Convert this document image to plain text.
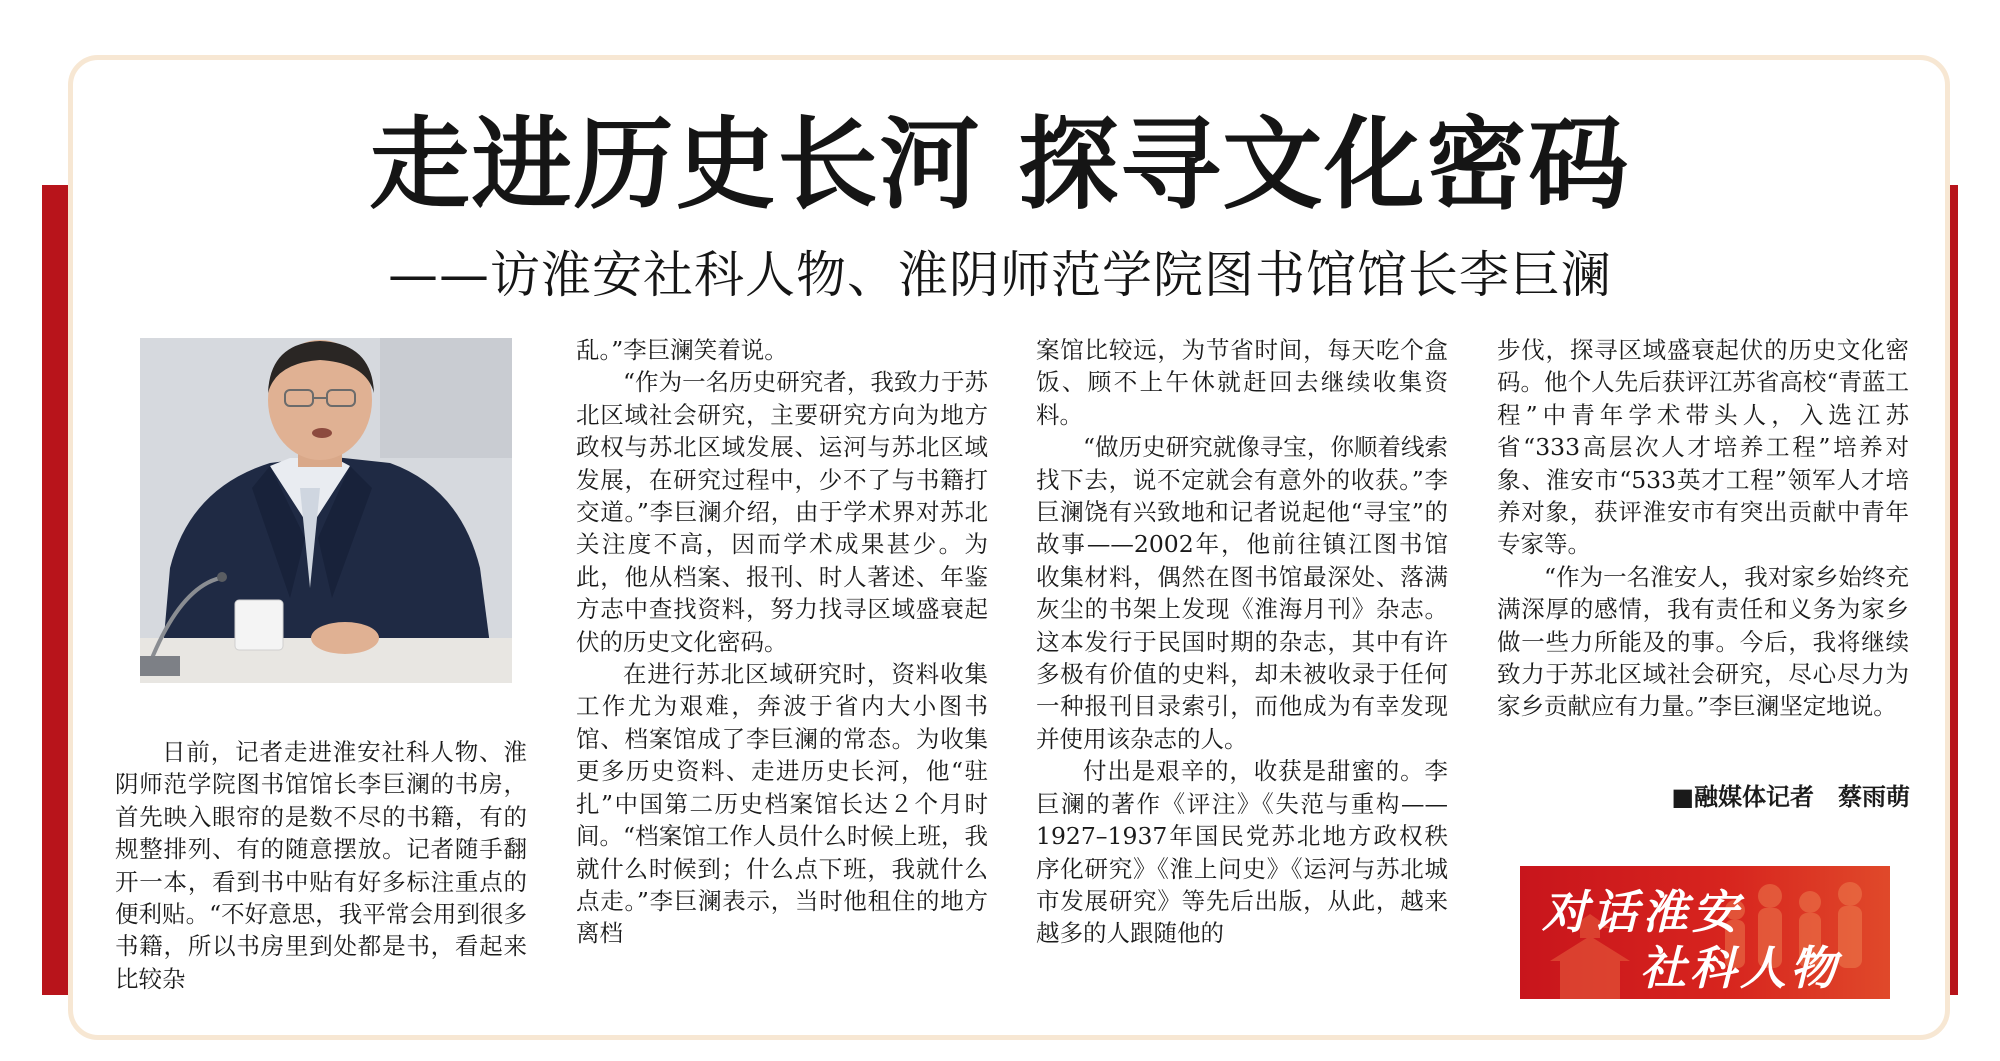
走进历史长河 探寻文化密码
——访淮安社科人物、淮阴师范学院图书馆馆长李巨澜

日前，记者走进淮安社科人物、淮阴师范学院图书馆馆长李巨澜的书房，首先映入眼帘的是数不尽的书籍，有的规整排列、有的随意摆放。记者随手翻开一本，看到书中贴有好多标注重点的便利贴。“不好意思，我平常会用到很多书籍，所以书房里到处都是书，看起来比较杂

乱。”李巨澜笑着说。

“作为一名历史研究者，我致力于苏北区域社会研究，主要研究方向为地方政权与苏北区域发展、运河与苏北区域发展，在研究过程中，少不了与书籍打交道。”李巨澜介绍，由于学术界对苏北关注度不高，因而学术成果甚少。为此，他从档案、报刊、时人著述、年鉴方志中查找资料，努力找寻区域盛衰起伏的历史文化密码。

在进行苏北区域研究时，资料收集工作尤为艰难，奔波于省内大小图书馆、档案馆成了李巨澜的常态。为收集更多历史资料、走进历史长河，他“驻扎”中国第二历史档案馆长达２个月时间。“档案馆工作人员什么时候上班，我就什么时候到；什么点下班，我就什么点走。”李巨澜表示，当时他租住的地方离档

案馆比较远，为节省时间，每天吃个盒饭、顾不上午休就赶回去继续收集资料。

“做历史研究就像寻宝，你顺着线索找下去，说不定就会有意外的收获。”李巨澜饶有兴致地和记者说起他“寻宝”的故事——2002年，他前往镇江图书馆收集材料，偶然在图书馆最深处、落满灰尘的书架上发现《淮海月刊》杂志。这本发行于民国时期的杂志，其中有许多极有价值的史料，却未被收录于任何一种报刊目录索引，而他成为有幸发现并使用该杂志的人。

付出是艰辛的，收获是甜蜜的。李巨澜的著作《评注》《失范与重构——1927–1937年国民党苏北地方政权秩序化研究》《淮上问史》《运河与苏北城市发展研究》等先后出版，从此，越来越多的人跟随他的

步伐，探寻区域盛衰起伏的历史文化密码。他个人先后获评江苏省高校“青蓝工程”中青年学术带头人，入选江苏省“333高层次人才培养工程”培养对象、淮安市“533英才工程”领军人才培养对象，获评淮安市有突出贡献中青年专家等。

“作为一名淮安人，我对家乡始终充满深厚的感情，我有责任和义务为家乡做一些力所能及的事。今后，我将继续致力于苏北区域社会研究，尽心尽力为家乡贡献应有力量。”李巨澜坚定地说。

■融媒体记者　蔡雨萌
对话淮安
社科人物
